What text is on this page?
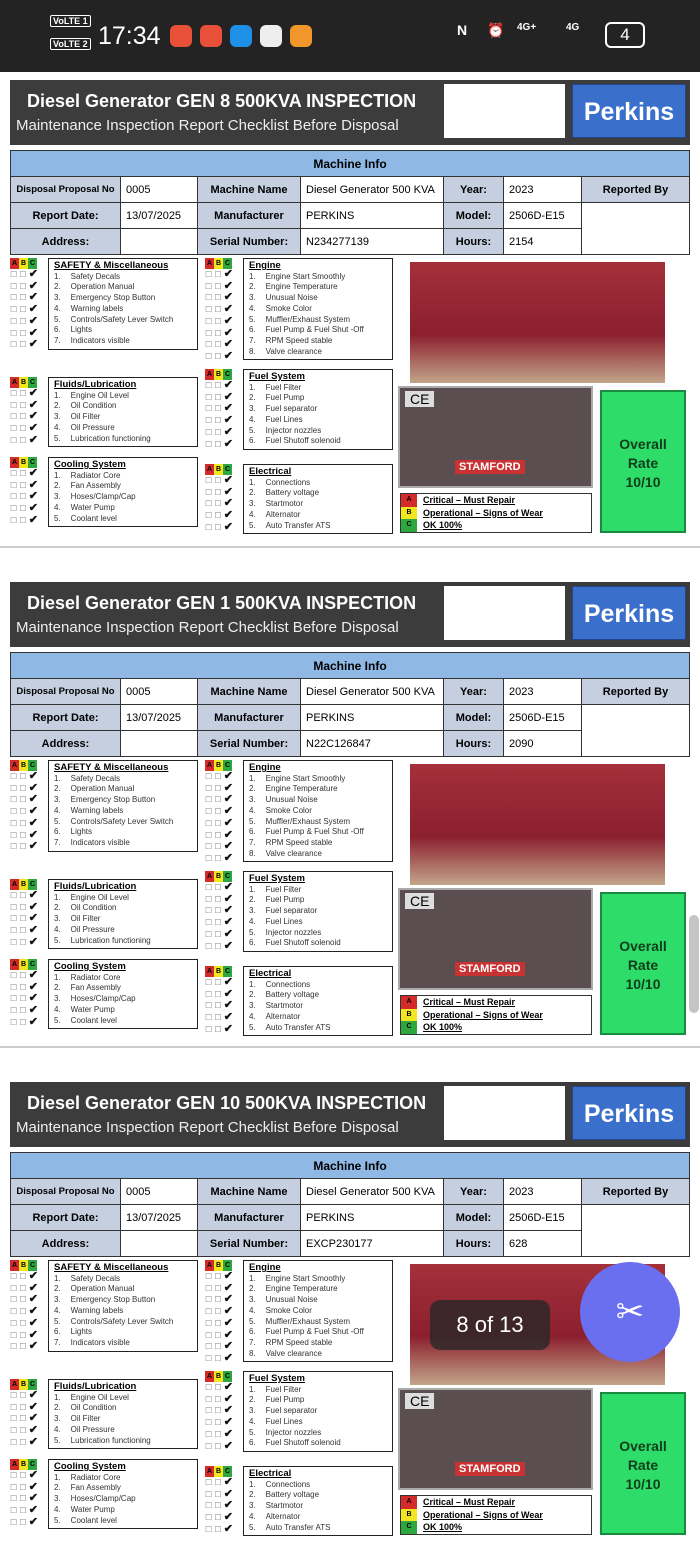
VoLTE 1
VoLTE 2 17:34	N ⏰ 4G+	4G	4
Diesel Generator GEN 8 500KVA INSPECTION
Maintenance Inspection Report Checklist Before Disposal	Perkins
Machine Info						
Disposal Proposal No	0005	Machine Name	Diesel Generator 500 KVA	Year:	2023	Reported By
Report Date:	13/07/2025	Manufacturer	PERKINS	Model:	2506D-E15	
Address:		Serial Number:	N234277139	Hours:	2154	
A B C
☐ ☐ ✔
☐ ☐ ✔
☐ ☐ ✔
☐ ☐ ✔
☐ ☐ ✔
☐ ☐ ✔
☐ ☐ ✔
SAFETY & Miscellaneous
1. Safety Decals
2. Operation Manual
3. Emergency Stop Button
4. Warning labels
5. Controls/Safety Lever Switch
6. Lights
7. Indicators visible
A B C
☐ ☐ ✔
☐ ☐ ✔
☐ ☐ ✔
☐ ☐ ✔
☐ ☐ ✔
Fluids/Lubrication
1. Engine Oil Level
2. Oil Condition
3. Oil Filter
4. Oil Pressure
5. Lubrication functioning
A B C
☐ ☐ ✔
☐ ☐ ✔
☐ ☐ ✔
☐ ☐ ✔
☐ ☐ ✔
Cooling System
1. Radiator Core
2. Fan Assembly
3. Hoses/Clamp/Cap
4. Water Pump
5. Coolant level
A B C
☐ ☐ ✔
☐ ☐ ✔
☐ ☐ ✔
☐ ☐ ✔
☐ ☐ ✔
☐ ☐ ✔
☐ ☐ ✔
☐ ☐ ✔
Engine
1. Engine Start Smoothly
2. Engine Temperature
3. Unusual Noise
4. Smoke Color
5. Muffler/Exhaust System
6. Fuel Pump & Fuel Shut -Off
7. RPM Speed stable
8. Valve clearance
A B C
☐ ☐ ✔
☐ ☐ ✔
☐ ☐ ✔
☐ ☐ ✔
☐ ☐ ✔
☐ ☐ ✔
Fuel System
1. Fuel Filter
2. Fuel Pump
3. Fuel separator
4. Fuel Lines
5. Injector nozzles
6. Fuel Shutoff solenoid
A B C
☐ ☐ ✔
☐ ☐ ✔
☐ ☐ ✔
☐ ☐ ✔
☐ ☐ ✔
Electrical
1. Connections
2. Battery voltage
3. Startmotor
4. Alternator
5. Auto Transfer ATS
CE
STAMFORD
A	Critical – Must Repair
B	Operational – Signs of Wear
C	OK 100%
Overall
Rate
10/10
Diesel Generator GEN 1 500KVA INSPECTION
Maintenance Inspection Report Checklist Before Disposal	Perkins
Machine Info						
Disposal Proposal No	0005	Machine Name	Diesel Generator 500 KVA	Year:	2023	Reported By
Report Date:	13/07/2025	Manufacturer	PERKINS	Model:	2506D-E15	
Address:		Serial Number:	N22C126847	Hours:	2090	
A B C
☐ ☐ ✔
☐ ☐ ✔
☐ ☐ ✔
☐ ☐ ✔
☐ ☐ ✔
☐ ☐ ✔
☐ ☐ ✔
SAFETY & Miscellaneous
1. Safety Decals
2. Operation Manual
3. Emergency Stop Button
4. Warning labels
5. Controls/Safety Lever Switch
6. Lights
7. Indicators visible
A B C
☐ ☐ ✔
☐ ☐ ✔
☐ ☐ ✔
☐ ☐ ✔
☐ ☐ ✔
Fluids/Lubrication
1. Engine Oil Level
2. Oil Condition
3. Oil Filter
4. Oil Pressure
5. Lubrication functioning
A B C
☐ ☐ ✔
☐ ☐ ✔
☐ ☐ ✔
☐ ☐ ✔
☐ ☐ ✔
Cooling System
1. Radiator Core
2. Fan Assembly
3. Hoses/Clamp/Cap
4. Water Pump
5. Coolant level
A B C
☐ ☐ ✔
☐ ☐ ✔
☐ ☐ ✔
☐ ☐ ✔
☐ ☐ ✔
☐ ☐ ✔
☐ ☐ ✔
☐ ☐ ✔
Engine
1. Engine Start Smoothly
2. Engine Temperature
3. Unusual Noise
4. Smoke Color
5. Muffler/Exhaust System
6. Fuel Pump & Fuel Shut -Off
7. RPM Speed stable
8. Valve clearance
A B C
☐ ☐ ✔
☐ ☐ ✔
☐ ☐ ✔
☐ ☐ ✔
☐ ☐ ✔
☐ ☐ ✔
Fuel System
1. Fuel Filter
2. Fuel Pump
3. Fuel separator
4. Fuel Lines
5. Injector nozzles
6. Fuel Shutoff solenoid
A B C
☐ ☐ ✔
☐ ☐ ✔
☐ ☐ ✔
☐ ☐ ✔
☐ ☐ ✔
Electrical
1. Connections
2. Battery voltage
3. Startmotor
4. Alternator
5. Auto Transfer ATS
CE
STAMFORD
A	Critical – Must Repair
B	Operational – Signs of Wear
C	OK 100%
Overall
Rate
10/10
Diesel Generator GEN 10 500KVA INSPECTION
Maintenance Inspection Report Checklist Before Disposal	Perkins
Machine Info						
Disposal Proposal No	0005	Machine Name	Diesel Generator 500 KVA	Year:	2023	Reported By
Report Date:	13/07/2025	Manufacturer	PERKINS	Model:	2506D-E15	
Address:		Serial Number:	EXCP230177	Hours:	628	
A B C
☐ ☐ ✔
☐ ☐ ✔
☐ ☐ ✔
☐ ☐ ✔
☐ ☐ ✔
☐ ☐ ✔
☐ ☐ ✔
SAFETY & Miscellaneous
1. Safety Decals
2. Operation Manual
3. Emergency Stop Button
4. Warning labels
5. Controls/Safety Lever Switch
6. Lights
7. Indicators visible
A B C
☐ ☐ ✔
☐ ☐ ✔
☐ ☐ ✔
☐ ☐ ✔
☐ ☐ ✔
Fluids/Lubrication
1. Engine Oil Level
2. Oil Condition
3. Oil Filter
4. Oil Pressure
5. Lubrication functioning
A B C
☐ ☐ ✔
☐ ☐ ✔
☐ ☐ ✔
☐ ☐ ✔
☐ ☐ ✔
Cooling System
1. Radiator Core
2. Fan Assembly
3. Hoses/Clamp/Cap
4. Water Pump
5. Coolant level
A B C
☐ ☐ ✔
☐ ☐ ✔
☐ ☐ ✔
☐ ☐ ✔
☐ ☐ ✔
☐ ☐ ✔
☐ ☐ ✔
☐ ☐ ✔
Engine
1. Engine Start Smoothly
2. Engine Temperature
3. Unusual Noise
4. Smoke Color
5. Muffler/Exhaust System
6. Fuel Pump & Fuel Shut -Off
7. RPM Speed stable
8. Valve clearance
A B C
☐ ☐ ✔
☐ ☐ ✔
☐ ☐ ✔
☐ ☐ ✔
☐ ☐ ✔
☐ ☐ ✔
Fuel System
1. Fuel Filter
2. Fuel Pump
3. Fuel separator
4. Fuel Lines
5. Injector nozzles
6. Fuel Shutoff solenoid
A B C
☐ ☐ ✔
☐ ☐ ✔
☐ ☐ ✔
☐ ☐ ✔
☐ ☐ ✔
Electrical
1. Connections
2. Battery voltage
3. Startmotor
4. Alternator
5. Auto Transfer ATS
CE
STAMFORD
A	Critical – Must Repair
B	Operational – Signs of Wear
C	OK 100%
Overall
Rate
10/10
✂
8 of 13
